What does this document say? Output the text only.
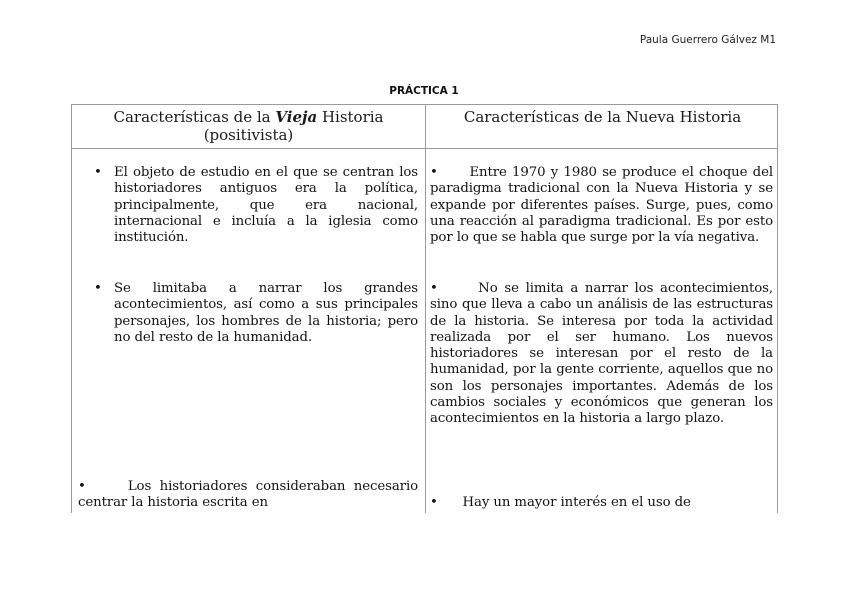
Paula Guerrero Gálvez M1
PRÁCTICA 1
Características de la Vieja Historia (positivista)
Características de la Nueva Historia
• El objeto de estudio en el que se centran los historiadores antiguos era la política, principalmente, que era nacional, internacional e incluía a la iglesia como institución.
• Se limitaba a narrar los grandes acontecimientos, así como a sus principales personajes, los hombres de la historia; pero no del resto de la humanidad.
•	Los historiadores consideraban necesario centrar la historia escrita en
• Entre 1970 y 1980 se produce el choque del paradigma tradicional con la Nueva Historia y se expande por diferentes países. Surge, pues, como una reacción al paradigma tradicional. Es por esto por lo que se habla que surge por la vía negativa.
•	No se limita a narrar los acontecimientos, sino que lleva a cabo un análisis de las estructuras de la historia. Se interesa por toda la actividad realizada por el ser humano. Los nuevos historiadores se interesan por el resto de la humanidad, por la gente corriente, aquellos que no son los personajes importantes. Además de los cambios sociales y económicos que generan los acontecimientos en la historia a largo plazo.
• Hay un mayor interés en el uso de
